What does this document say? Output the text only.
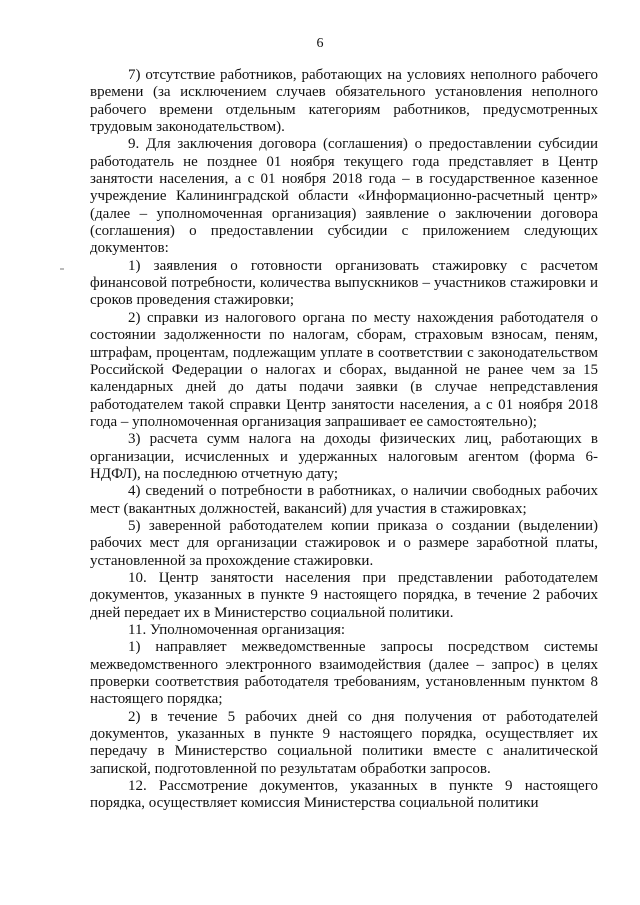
6

7) отсутствие работников, работающих на условиях неполного рабочего времени (за исключением случаев обязательного установления неполного рабочего времени отдельным категориям работников, предусмотренных трудовым законодательством).

9. Для заключения договора (соглашения) о предоставлении субсидии работодатель не позднее 01 ноября текущего года представляет в Центр занятости населения, а с 01 ноября 2018 года – в государственное казенное учреждение Калининградской области «Информационно-расчетный центр» (далее – уполномоченная организация) заявление о заключении договора (соглашения) о предоставлении субсидии с приложением следующих документов:

1) заявления о готовности организовать стажировку с расчетом финансовой потребности, количества выпускников – участников стажировки и сроков проведения стажировки;

2) справки из налогового органа по месту нахождения работодателя о состоянии задолженности по налогам, сборам, страховым взносам, пеням, штрафам, процентам, подлежащим уплате в соответствии с законодательством Российской Федерации о налогах и сборах, выданной не ранее чем за 15 календарных дней до даты подачи заявки (в случае непредставления работодателем такой справки Центр занятости населения, а с 01 ноября 2018 года – уполномоченная организация запрашивает ее самостоятельно);

3) расчета сумм налога на доходы физических лиц, работающих в организации, исчисленных и удержанных налоговым агентом (форма 6-НДФЛ), на последнюю отчетную дату;

4) сведений о потребности в работниках, о наличии свободных рабочих мест (вакантных должностей, вакансий) для участия в стажировках;

5) заверенной работодателем копии приказа о создании (выделении) рабочих мест для организации стажировок и о размере заработной платы, установленной за прохождение стажировки.

10. Центр занятости населения при представлении работодателем документов, указанных в пункте 9 настоящего порядка, в течение 2 рабочих дней передает их в Министерство социальной политики.

11. Уполномоченная организация:

1) направляет межведомственные запросы посредством системы межведомственного электронного взаимодействия (далее – запрос) в целях проверки соответствия работодателя требованиям, установленным пунктом 8 настоящего порядка;

2) в течение 5 рабочих дней со дня получения от работодателей документов, указанных в пункте 9 настоящего порядка, осуществляет их передачу в Министерство социальной политики вместе с аналитической запиской, подготовленной по результатам обработки запросов.

12. Рассмотрение документов, указанных в пункте 9 настоящего порядка, осуществляет комиссия Министерства социальной политики
